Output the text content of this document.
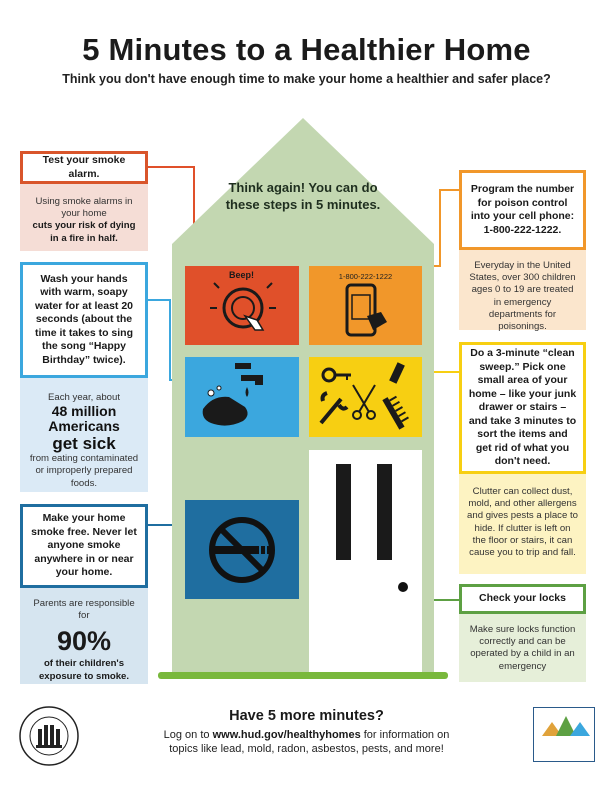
5 Minutes to a Healthier Home
Think you don't have enough time to make your home a healthier and safer place?
Think again! You can do these steps in 5 minutes.
Beep!	1-800-222-1222
Test your smoke alarm.
Using smoke alarms in your home
cuts your risk of dying in a fire in half.
Wash your hands with warm, soapy water for at least 20 seconds (about the time it takes to sing the song “Happy Birthday” twice).
Each year, about
48 million Americans
get sick
from eating contaminated or improperly prepared foods.
Make your home smoke free. Never let anyone smoke anywhere in or near your home.
Parents are responsible for
90%
of their children's exposure to smoke.
Program the number for poison control into your cell phone: 1-800-222-1222.
Everyday in the United States, over 300 children ages 0 to 19 are treated in emergency departments for poisonings.
Do a 3-minute “clean sweep.” Pick one small area of your home – like your junk drawer or stairs – and take 3 minutes to sort the items and get rid of what you don't need.
Clutter can collect dust, mold, and other allergens and gives pests a place to hide. If clutter is left on the floor or stairs, it can cause you to trip and fall.
Check your locks
Make sure locks function correctly and can be operated by a child in an emergency
Have 5 more minutes?
Log on to www.hud.gov/healthyhomes for information on topics like lead, mold, radon, asbestos, pests, and more!
